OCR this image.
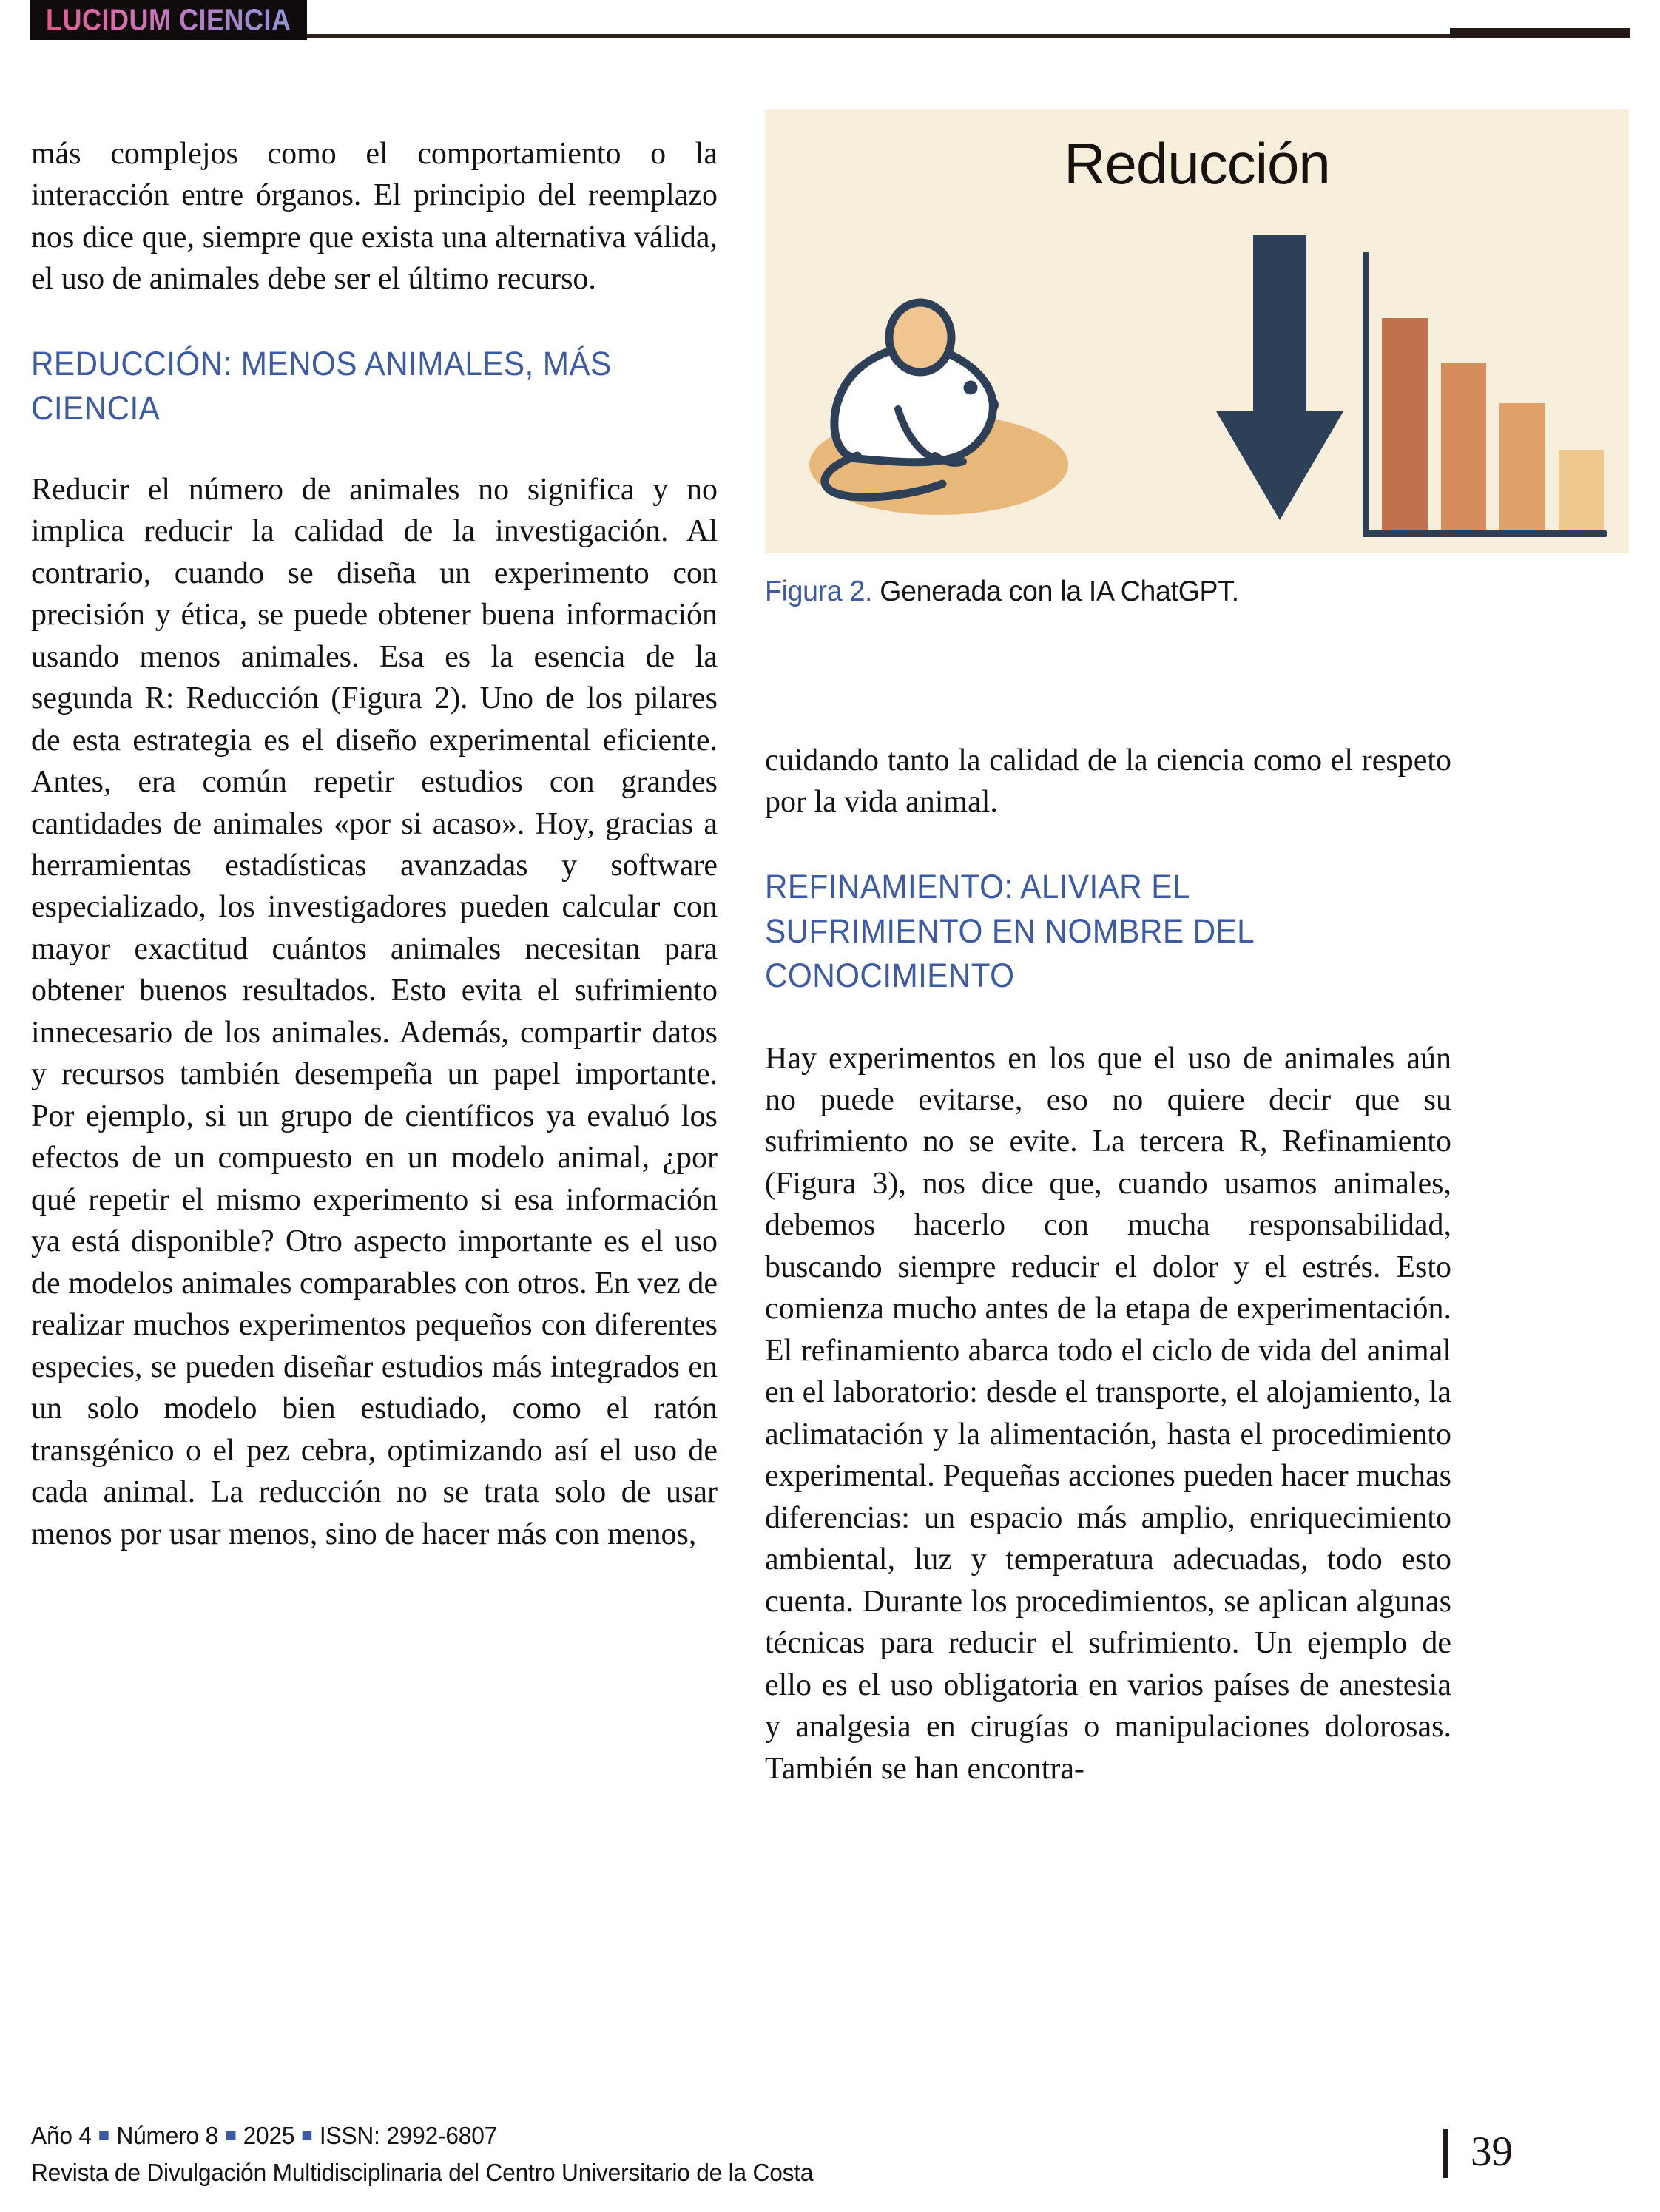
LUCIDUM CIENCIA

más complejos como el comportamiento o la interacción entre órganos. El principio del reemplazo nos dice que, siempre que exista una alternativa válida, el uso de animales debe ser el último recurso.

REDUCCIÓN: MENOS ANIMALES, MÁS CIENCIA

Reducir el número de animales no significa y no implica reducir la calidad de la investigación. Al contrario, cuando se diseña un experimento con precisión y ética, se puede obtener buena información usando menos animales. Esa es la esencia de la segunda R: Reducción (Figura 2). Uno de los pilares de esta estrategia es el diseño experimental eficiente. Antes, era común repetir estudios con grandes cantidades de animales «por si acaso». Hoy, gracias a herramientas estadísticas avanzadas y software especializado, los investigadores pueden calcular con mayor exactitud cuántos animales necesitan para obtener buenos resultados. Esto evita el sufrimiento innecesario de los animales. Además, compartir datos y recursos también desempeña un papel importante. Por ejemplo, si un grupo de científicos ya evaluó los efectos de un compuesto en un modelo animal, ¿por qué repetir el mismo experimento si esa información ya está disponible? Otro aspecto importante es el uso de modelos animales comparables con otros. En vez de realizar muchos experimentos pequeños con diferentes especies, se pueden diseñar estudios más integrados en un solo modelo bien estudiado, como el ratón transgénico o el pez cebra, optimizando así el uso de cada animal. La reducción no se trata solo de usar menos por usar menos, sino de hacer más con menos,

Reducción
Figura 2. Generada con la IA ChatGPT.

cuidando tanto la calidad de la ciencia como el respeto por la vida animal.

REFINAMIENTO: ALIVIAR EL SUFRIMIENTO EN NOMBRE DEL CONOCIMIENTO

Hay experimentos en los que el uso de animales aún no puede evitarse, eso no quiere decir que su sufrimiento no se evite. La tercera R, Refinamiento (Figura 3), nos dice que, cuando usamos animales, debemos hacerlo con mucha responsabilidad, buscando siempre reducir el dolor y el estrés. Esto comienza mucho antes de la etapa de experimentación. El refinamiento abarca todo el ciclo de vida del animal en el laboratorio: desde el transporte, el alojamiento, la aclimatación y la alimentación, hasta el procedimiento experimental. Pequeñas acciones pueden hacer muchas diferencias: un espacio más amplio, enriquecimiento ambiental, luz y temperatura adecuadas, todo esto cuenta. Durante los procedimientos, se aplican algunas técnicas para reducir el sufrimiento. Un ejemplo de ello es el uso obligatoria en varios países de anestesia y analgesia en cirugías o manipulaciones dolorosas. También se han encontra-

Año 4 Número 8 2025 ISSN: 2992-6807
Revista de Divulgación Multidisciplinaria del Centro Universitario de la Costa	39
